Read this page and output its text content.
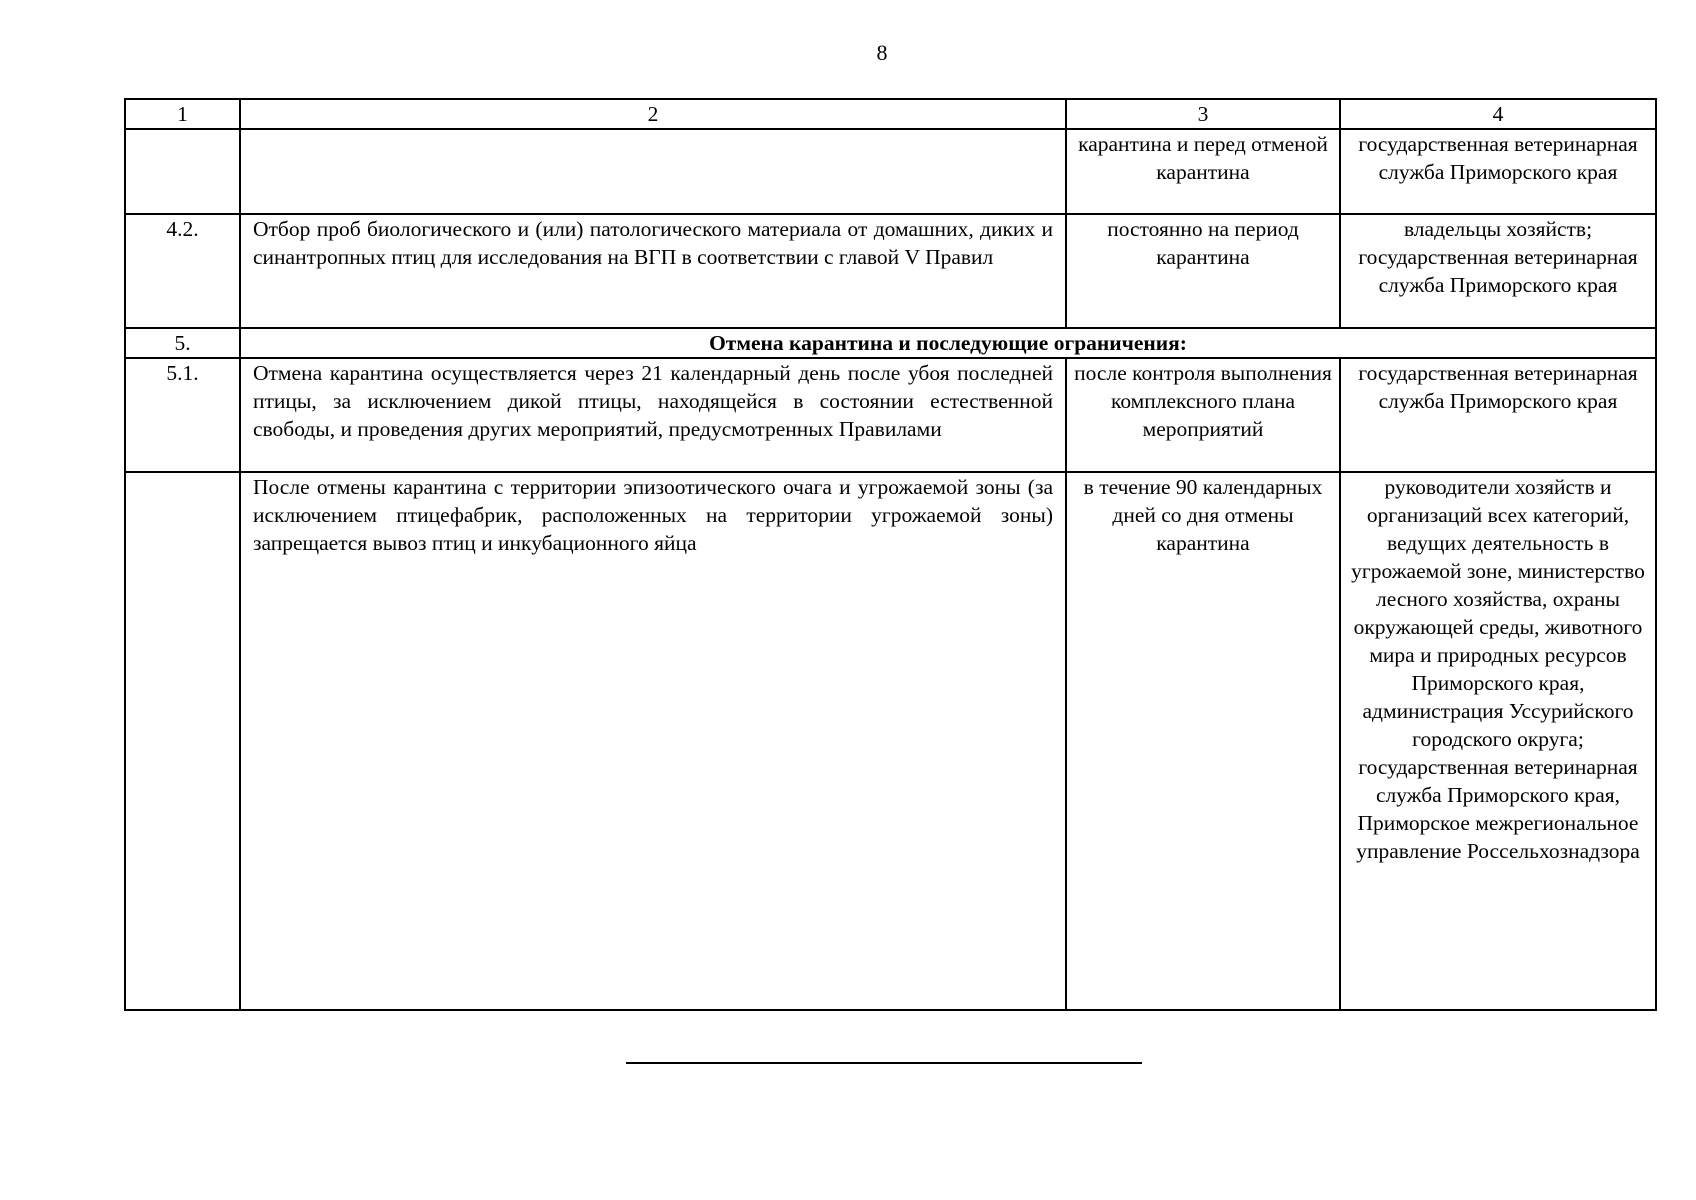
8
1	2	3	4
		карантина и перед отменой карантина	государственная ветеринарная служба Приморского края
4.2.	Отбор проб биологического и (или) патологического материала от домашних, диких и синантропных птиц для исследования на ВГП в соответствии с главой V Правил	постоянно на период карантина	владельцы хозяйств; государственная ветеринарная служба Приморского края
5.	Отмена карантина и последующие ограничения:		
5.1.	Отмена карантина осуществляется через 21 календарный день после убоя последней птицы, за исключением дикой птицы, находящейся в состоянии естественной свободы, и проведения других мероприятий, предусмотренных Правилами	после контроля выполнения комплексного плана мероприятий	государственная ветеринарная служба Приморского края
	После отмены карантина с территории эпизоотического очага и угрожаемой зоны (за исключением птицефабрик, расположенных на территории угрожаемой зоны) запрещается вывоз птиц и инкубационного яйца	в течение 90 календарных дней со дня отмены карантина	руководители хозяйств и организаций всех категорий, ведущих деятельность в угрожаемой зоне, министерство лесного хозяйства, охраны окружающей среды, животного мира и природных ресурсов Приморского края, администрация Уссурийского городского округа; государственная ветеринарная служба Приморского края, Приморское межрегиональное управление Россельхознадзора
